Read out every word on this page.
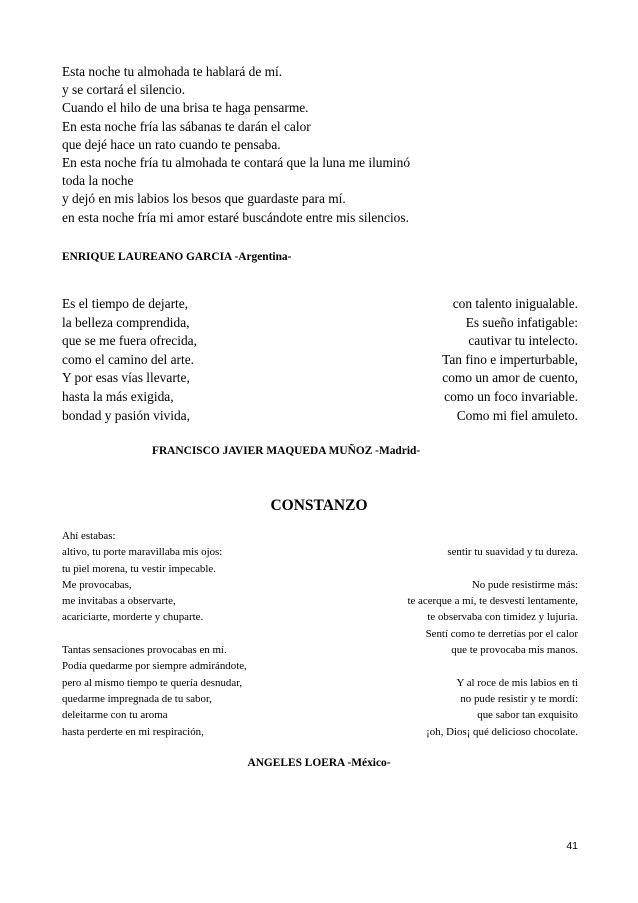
Esta noche tu almohada te hablará de mí.
y se cortará el silencio.
Cuando el hilo de una brisa te haga pensarme.
En esta noche fría las sábanas te darán el calor
que dejé hace un rato cuando te pensaba.
En esta noche fría tu almohada te contará que la luna me iluminó
toda la noche
y dejó en mis labios los besos que guardaste para mí.
en esta noche fría mi amor estaré buscándote entre mis silencios.
ENRIQUE LAUREANO GARCIA -Argentina-
Es el tiempo de dejarte,
la belleza comprendida,
que se me fuera ofrecida,
como el camino del arte.
Y por esas vías llevarte,
hasta la más exigida,
bondad y pasión vivida,
con talento inigualable.
Es sueño infatigable:
cautivar tu intelecto.
Tan fino e imperturbable,
como un amor de cuento,
como un foco invariable.
Como mi fiel amuleto.
FRANCISCO JAVIER MAQUEDA MUÑOZ -Madrid-
CONSTANZO
Ahí estabas:
altivo, tu porte maravillaba mis ojos:
tu piel morena, tu vestir impecable.
Me provocabas,
me invitabas a observarte,
acariciarte, morderte y chuparte.
Tantas sensaciones provocabas en mí.
Podía quedarme por siempre admirándote,
pero al mismo tiempo te quería desnudar,
quedarme impregnada de tu sabor,
deleitarme con tu aroma
hasta perderte en mi respiración,
sentir tu suavidad y tu dureza.
No pude resistirme más:
te acerque a mí, te desvestí lentamente,
te observaba con timidez y lujuria.
Sentí como te derretías por el calor
que te provocaba mis manos.
Y al roce de mis labios en ti
no pude resistir y te mordí:
que sabor tan exquisito
¡oh, Dios¡ qué delicioso chocolate.
ANGELES LOERA -México-
41
